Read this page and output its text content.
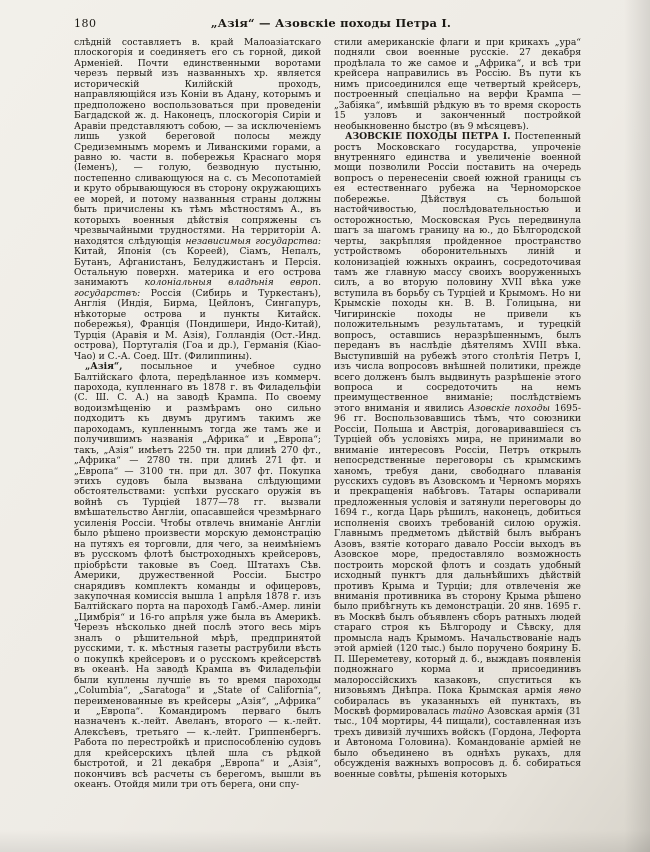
180	„Азія“ — Азовскіе походы Петра I.

слѣдній составляетъ в. край Малоазіатскаго плоскогорія и соединяетъ его съ горной, дикой Арменіей. Почти единственными воротами черезъ первый изъ названныхъ хр. является историческій Килійскій проходъ, направляющійся изъ Коніи въ Адану, которымъ и предположено воспользоваться при проведеніи Багдадской ж. д. Наконецъ, плоскогорія Сиріи и Аравіи представляютъ собою, — за исключеніемъ лишь узкой береговой полосы между Средиземнымъ моремъ и Ливанскими горами, а равно ю. части в. побережья Краснаго моря (Іеменъ), — голую, безводную пустыню, постепенно сливающуюся на с. съ Месопотаміей и круто обрывающуюся въ сторону окружающихъ ее морей, и потому названныя страны должны быть причислены къ тѣмъ мѣстностямъ А., въ которыхъ военныя дѣйствія сопряжены съ чрезвычайными трудностями. На территоріи А. находятся слѣдующія независимыя государства: Китай, Японія (съ Кореей), Сіамъ, Непалъ, Бутанъ, Афганистанъ, Белуджистанъ и Персія. Остальную поверхн. материка и его острова занимаютъ колоніальныя владѣнія европ. государствъ: Россія (Сибирь и Туркестанъ), Англія (Индія, Бирма, Цейлонъ, Сингапуръ, нѣкоторые острова и пункты Китайск. побережья), Франція (Пондишери, Индо-Китай), Турція (Аравія и М. Азія), Голландія (Ост.-Инд. острова), Португалія (Гоа и др.), Германія (Кіао-Чао) и С.-А. Соед. Шт. (Филиппины).

„Азія“, посыльное и учебное судно Балтійскаго флота, передѣланное изъ коммерч. парохода, купленнаго въ 1878 г. въ Филадельфіи (С. Ш. С. А.) на заводѣ Крампа. По своему водоизмѣщенію и размѣрамъ оно сильно подходитъ къ двумъ другимъ такимъ же пароходамъ, купленнымъ тогда же тамъ же и получившимъ названія „Африка“ и „Европа“; такъ, „Азія“ имѣетъ 2250 тн. при длинѣ 270 фт., „Африка“ — 2780 тн. при длинѣ 271 фт. и „Европа“ — 3100 тн. при дл. 307 фт. Покупка этихъ судовъ была вызвана слѣдующими обстоятельствами: успѣхи русскаго оружія въ войнѣ съ Турціей 1877—78 гг. вызвали вмѣшательство Англіи, опасавшейся чрезмѣрнаго усиленія Россіи. Чтобы отвлечь вниманіе Англіи было рѣшено произвести морскую демонстрацію на путяхъ ея торговли, для чего, за неимѣніемъ въ русскомъ флотѣ быстроходныхъ крейсеровъ, пріобрѣсти таковые въ Соед. Штатахъ Сѣв. Америки, дружественной Россіи. Быстро снарядивъ комплектъ команды и офицеровъ, закупочная комиссія вышла 1 апрѣля 1878 г. изъ Балтійскаго порта на пароходѣ Гамб.-Амер. линіи „Цимбрія“ и 16-го апрѣля уже была въ Америкѣ. Черезъ нѣсколько дней послѣ этого весь міръ зналъ о рѣшительной мѣрѣ, предпринятой русскими, т. к. мѣстныя газеты раструбили вѣсть о покупкѣ крейсеровъ и о русскомъ крейсерствѣ въ океанѣ. На заводѣ Крампа въ Филадельфіи были куплены лучшіе въ то время пароходы „Columbia“, „Saratoga“ и „State of California“, переименованные въ крейсеры „Азія“, „Африка“ и „Европа“. Командиромъ перваго былъ назначенъ к.-лейт. Авеланъ, второго — к.-лейт. Алексѣевъ, третьяго — к.-лейт. Гриппенбергъ. Работа по перестройкѣ и приспособленію судовъ для крейсерскихъ цѣлей шла съ рѣдкой быстротой, и 21 декабря „Европа“ и „Азія“, покончивъ всѣ расчеты съ берегомъ, вышли въ океанъ. Отойдя мили три отъ берега, они спу-

стили американскіе флаги и при крикахъ „ура“ подняли свои военные русскіе. 27 декабря продѣлала то же самое и „Африка“, и всѣ три крейсера направились въ Россію. Въ пути къ нимъ присоединился еще четвертый крейсеръ, построенный спеціально на верфи Крампа — „Забіяка“, имѣвшій рѣдкую въ то время скорость 15 узловъ и законченный постройкой необыкновенно быстро (въ 9 мѣсяцевъ).

АЗОВСКІЕ ПОХОДЫ ПЕТРА I. Постепенный ростъ Московскаго государства, упроченіе внутренняго единства и увеличеніе военной мощи позволили Россіи поставить на очередь вопросъ о перенесеніи своей южной границы съ ея естественнаго рубежа на Черноморское побережье. Дѣйствуя съ большой настойчивостью, послѣдовательностью и осторожностью, Московская Русь передвинула шагъ за шагомъ границу на ю., до Бѣлгородской черты, закрѣпляя пройденное пространство устройствомъ оборонительныхъ линій и колонизаціей южныхъ окраинъ, сосредоточивая тамъ же главную массу своихъ вооруженныхъ силъ, а во вторую половину XVII вѣка уже вступила въ борьбу съ Турціей и Крымомъ. Но ни Крымскіе походы кн. В. В. Голицына, ни Чигиринскіе походы не привели къ положительнымъ результатамъ, и турецкій вопросъ, оставшись неразрѣшеннымъ, былъ переданъ въ наслѣдіе дѣятелямъ XVIII вѣка. Выступившій на рубежѣ этого столѣтія Петръ I, изъ числа вопросовъ внѣшней политики, прежде всего долженъ былъ выдвинуть разрѣшеніе этого вопроса и сосредоточить на немъ преимущественное вниманіе; послѣдствіемъ этого вниманія и явились Азовскіе походы 1695-96 гг. Воспользовавшись тѣмъ, что союзники Россіи, Польша и Австрія, договаривавшіеся съ Турціей объ условіяхъ мира, не принимали во вниманіе интересовъ Россіи, Петръ открылъ непосредственные переговоры съ крымскимъ ханомъ, требуя дани, свободнаго плаванія русскихъ судовъ въ Азовскомъ и Черномъ моряхъ и прекращенія набѣговъ. Татары оспаривали предложенныя условія и затянули переговоры до 1694 г., когда Царь рѣшилъ, наконецъ, добиться исполненія своихъ требованій силою оружія. Главнымъ предметомъ дѣйствій былъ выбранъ Азовъ, взятіе котораго давало Россіи выходъ въ Азовское море, предоставляло возможность построить морской флотъ и создать удобный исходный пунктъ для дальнѣйшихъ дѣйствій противъ Крыма и Турціи; для отвлеченія же вниманія противника въ сторону Крыма рѣшено было прибѣгнуть къ демонстраціи. 20 янв. 1695 г. въ Москвѣ былъ объявленъ сборъ ратныхъ людей стараго строя къ Бѣлгороду и Сѣвску, для промысла надъ Крымомъ. Начальствованіе надъ этой арміей (120 тыс.) было поручено боярину Б. П. Шереметеву, который д. б., выждавъ появленія подножнаго корма и присоединивъ малороссійскихъ казаковъ, спуститься къ низовьямъ Днѣпра. Пока Крымская армія явно собиралась въ указанныхъ ей пунктахъ, въ Москвѣ формировалась тайно Азовская армія (31 тыс., 104 мортиры, 44 пищали), составленная изъ трехъ дивизій лучшихъ войскъ (Гордона, Лефорта и Автонома Головина). Командованіе арміей не было объединено въ однѣхъ рукахъ, для обсужденія важныхъ вопросовъ д. б. собираться военные совѣты, рѣшенія которыхъ
